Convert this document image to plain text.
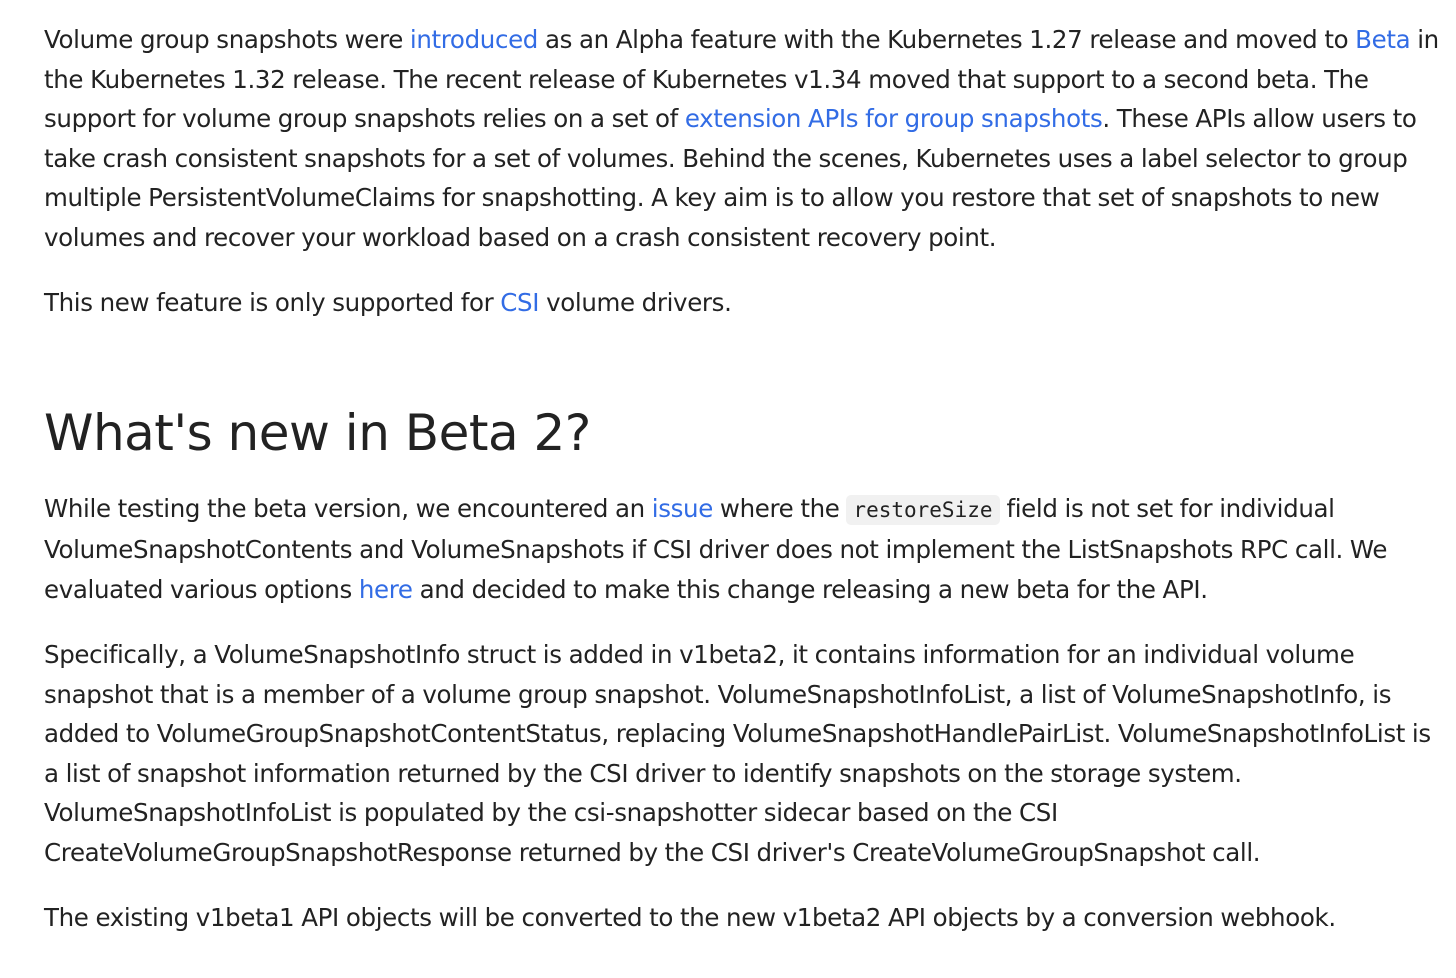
Volume group snapshots were introduced as an Alpha feature with the Kubernetes 1.27 release and moved to Beta in the Kubernetes 1.32 release. The recent release of Kubernetes v1.34 moved that support to a second beta. The support for volume group snapshots relies on a set of extension APIs for group snapshots. These APIs allow users to take crash consistent snapshots for a set of volumes. Behind the scenes, Kubernetes uses a label selector to group multiple PersistentVolumeClaims for snapshotting. A key aim is to allow you restore that set of snapshots to new volumes and recover your workload based on a crash consistent recovery point.

This new feature is only supported for CSI volume drivers.

What's new in Beta 2?

While testing the beta version, we encountered an issue where the restoreSize field is not set for individual VolumeSnapshotContents and VolumeSnapshots if CSI driver does not implement the ListSnapshots RPC call. We evaluated various options here and decided to make this change releasing a new beta for the API.

Specifically, a VolumeSnapshotInfo struct is added in v1beta2, it contains information for an individual volume snapshot that is a member of a volume group snapshot. VolumeSnapshotInfoList, a list of VolumeSnapshotInfo, is added to VolumeGroupSnapshotContentStatus, replacing VolumeSnapshotHandlePairList. VolumeSnapshotInfoList is a list of snapshot information returned by the CSI driver to identify snapshots on the storage system. VolumeSnapshotInfoList is populated by the csi-snapshotter sidecar based on the CSI CreateVolumeGroupSnapshotResponse returned by the CSI driver's CreateVolumeGroupSnapshot call.

The existing v1beta1 API objects will be converted to the new v1beta2 API objects by a conversion webhook.
